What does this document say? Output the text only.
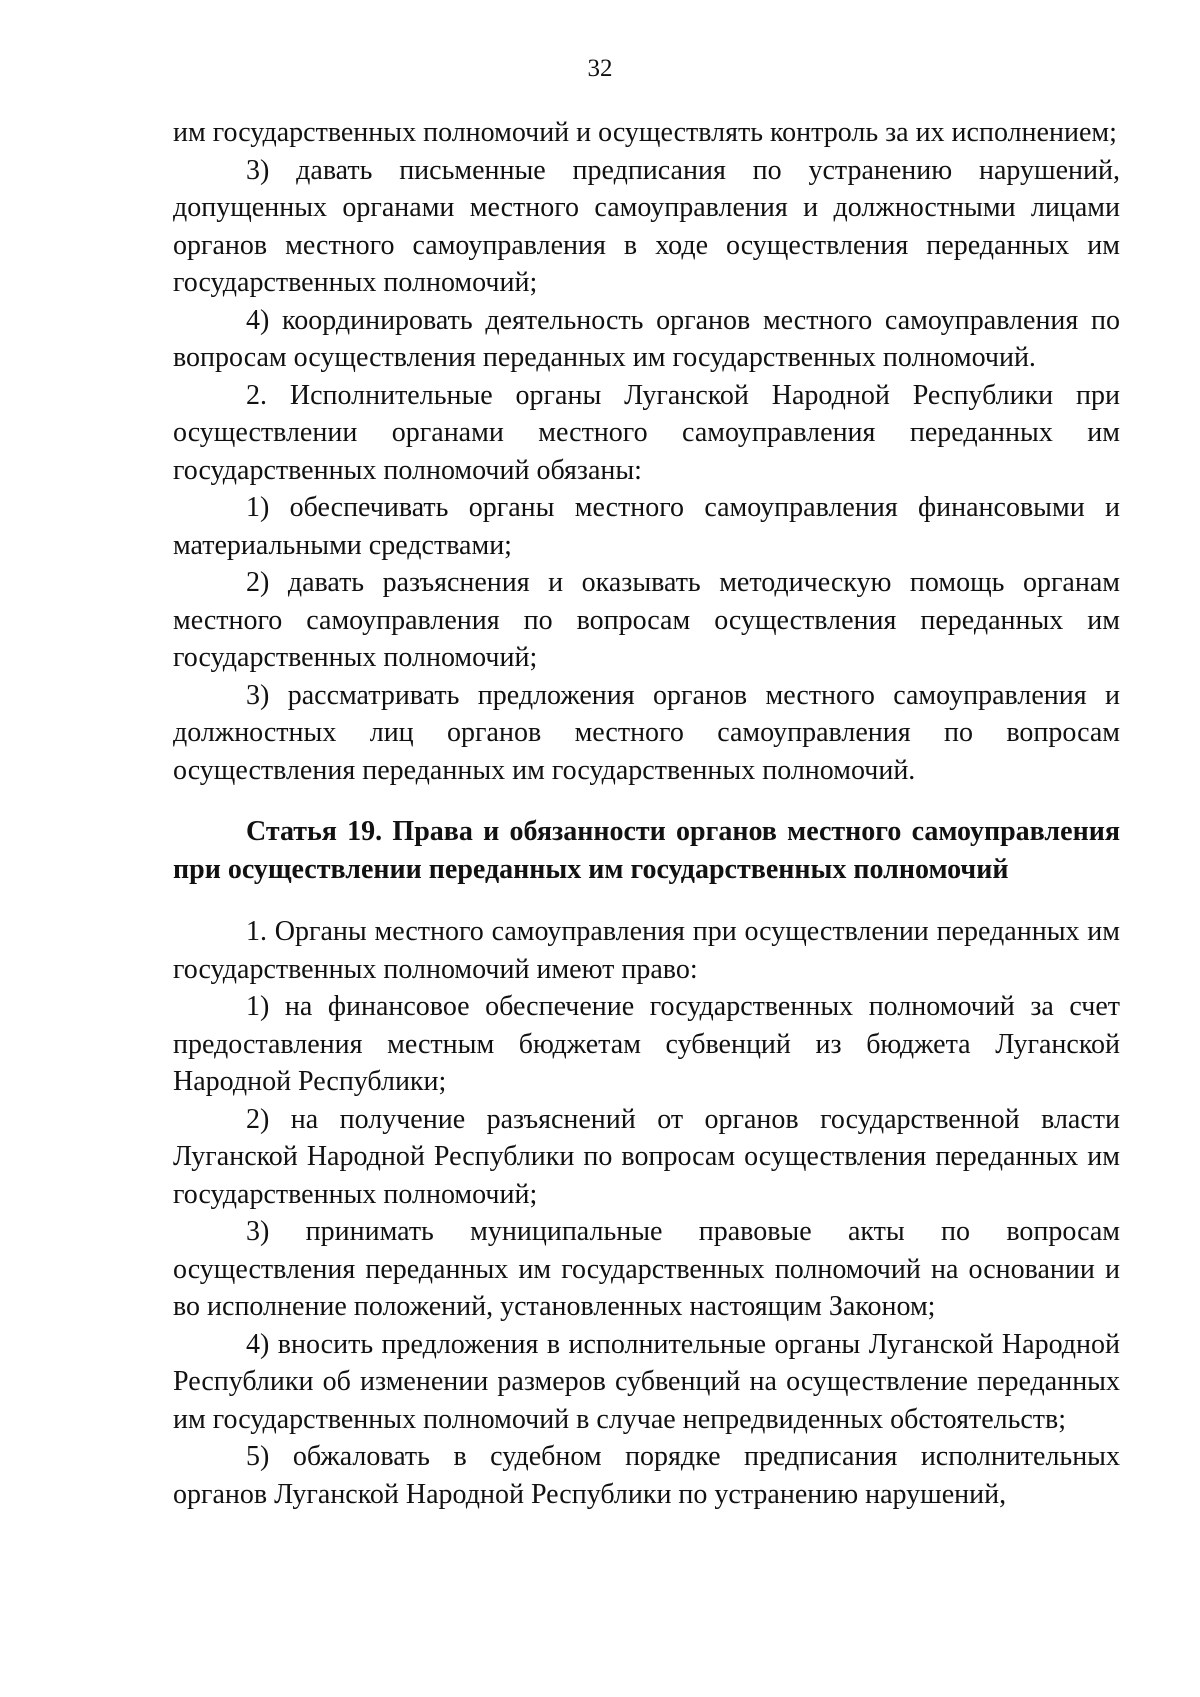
32

им государственных полномочий и осуществлять контроль за их исполнением;

3) давать письменные предписания по устранению нарушений, допущенных органами местного самоуправления и должностными лицами органов местного самоуправления в ходе осуществления переданных им государственных полномочий;

4) координировать деятельность органов местного самоуправления по вопросам осуществления переданных им государственных полномочий.

2. Исполнительные органы Луганской Народной Республики при осуществлении органами местного самоуправления переданных им государственных полномочий обязаны:

1) обеспечивать органы местного самоуправления финансовыми и материальными средствами;

2) давать разъяснения и оказывать методическую помощь органам местного самоуправления по вопросам осуществления переданных им государственных полномочий;

3) рассматривать предложения органов местного самоуправления и должностных лиц органов местного самоуправления по вопросам осуществления переданных им государственных полномочий.

Статья 19. Права и обязанности органов местного самоуправления при осуществлении переданных им государственных полномочий

1. Органы местного самоуправления при осуществлении переданных им государственных полномочий имеют право:

1) на финансовое обеспечение государственных полномочий за счет предоставления местным бюджетам субвенций из бюджета Луганской Народной Республики;

2) на получение разъяснений от органов государственной власти Луганской Народной Республики по вопросам осуществления переданных им государственных полномочий;

3) принимать муниципальные правовые акты по вопросам осуществления переданных им государственных полномочий на основании и во исполнение положений, установленных настоящим Законом;

4) вносить предложения в исполнительные органы Луганской Народной Республики об изменении размеров субвенций на осуществление переданных им государственных полномочий в случае непредвиденных обстоятельств;

5) обжаловать в судебном порядке предписания исполнительных органов Луганской Народной Республики по устранению нарушений,
